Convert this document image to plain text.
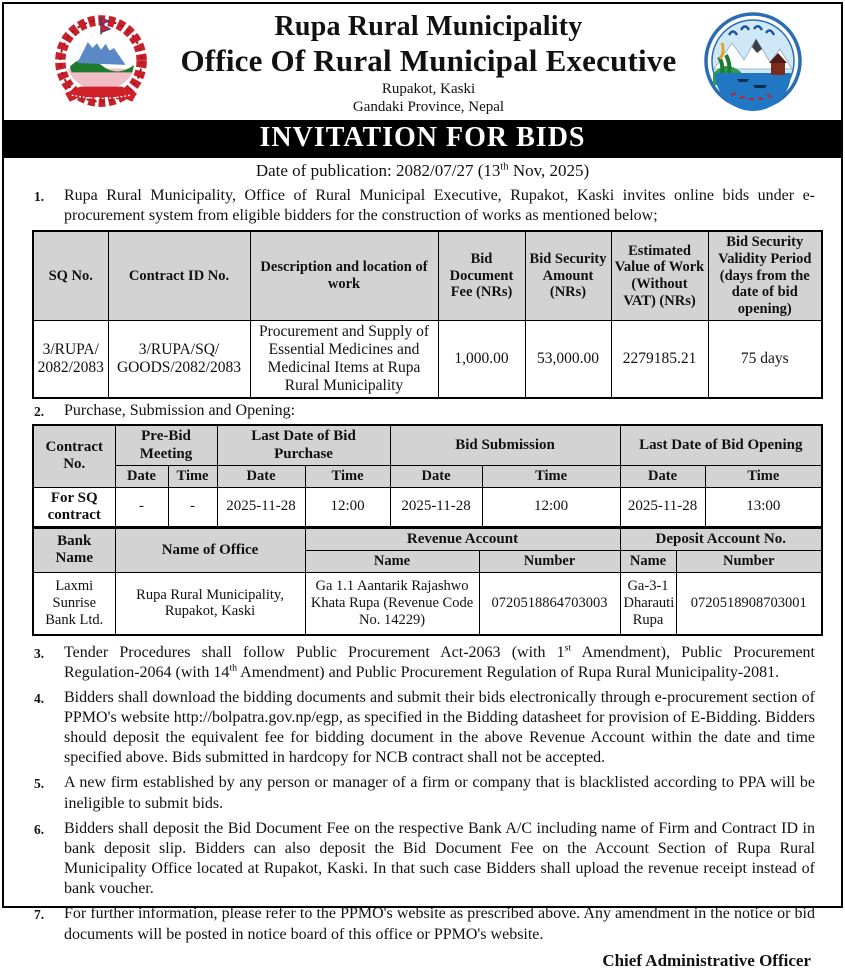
Rupa Rural Municipality
Office Of Rural Municipal Executive
Rupakot, Kaski
Gandaki Province, Nepal
INVITATION FOR BIDS
Date of publication: 2082/07/27 (13th Nov, 2025)
1.	Rupa Rural Municipality, Office of Rural Municipal Executive, Rupakot, Kaski invites online bids under e-procurement system from eligible bidders for the construction of works as mentioned below;
SQ No.	Contract ID No.	Description and location of work	Bid Document Fee (NRs)	Bid Security Amount (NRs)	Estimated Value of Work (Without VAT) (NRs)	Bid Security Validity Period (days from the date of bid opening)
3/RUPA/ 2082/2083	3/RUPA/SQ/ GOODS/2082/2083	Procurement and Supply of Essential Medicines and Medicinal Items at Rupa Rural Municipality	1,000.00	53,000.00	2279185.21	75 days
2.	Purchase, Submission and Opening:
Contract No.	Pre-Bid Meeting		Last Date of Bid Purchase		Bid Submission		Last Date of Bid Opening	
	Date	Time	Date	Time	Date	Time	Date	Time
For SQ contract	-	-	2025-11-28	12:00	2025-11-28	12:00	2025-11-28	13:00
Bank Name	Name of Office	Revenue Account		Deposit Account No.	
		Name	Number	Name	Number
Laxmi Sunrise Bank Ltd.	Rupa Rural Municipality, Rupakot, Kaski	Ga 1.1 Aantarik Rajashwo Khata Rupa (Revenue Code No. 14229)	0720518864703003	Ga-3-1 Dharauti Rupa	0720518908703001
3.	Tender Procedures shall follow Public Procurement Act-2063 (with 1st Amendment), Public Procurement Regulation-2064 (with 14th Amendment) and Public Procurement Regulation of Rupa Rural Municipality-2081.
4.	Bidders shall download the bidding documents and submit their bids electronically through e-procurement section of PPMO's website http://bolpatra.gov.np/egp, as specified in the Bidding datasheet for provision of E-Bidding. Bidders should deposit the equivalent fee for bidding document in the above Revenue Account within the date and time specified above. Bids submitted in hardcopy for NCB contract shall not be accepted.
5.	A new firm established by any person or manager of a firm or company that is blacklisted according to PPA will be ineligible to submit bids.
6.	Bidders shall deposit the Bid Document Fee on the respective Bank A/C including name of Firm and Contract ID in bank deposit slip. Bidders can also deposit the Bid Document Fee on the Account Section of Rupa Rural Municipality Office located at Rupakot, Kaski. In that such case Bidders shall upload the revenue receipt instead of bank voucher.
7.	For further information, please refer to the PPMO's website as prescribed above. Any amendment in the notice or bid documents will be posted in notice board of this office or PPMO's website.
Chief Administrative Officer
